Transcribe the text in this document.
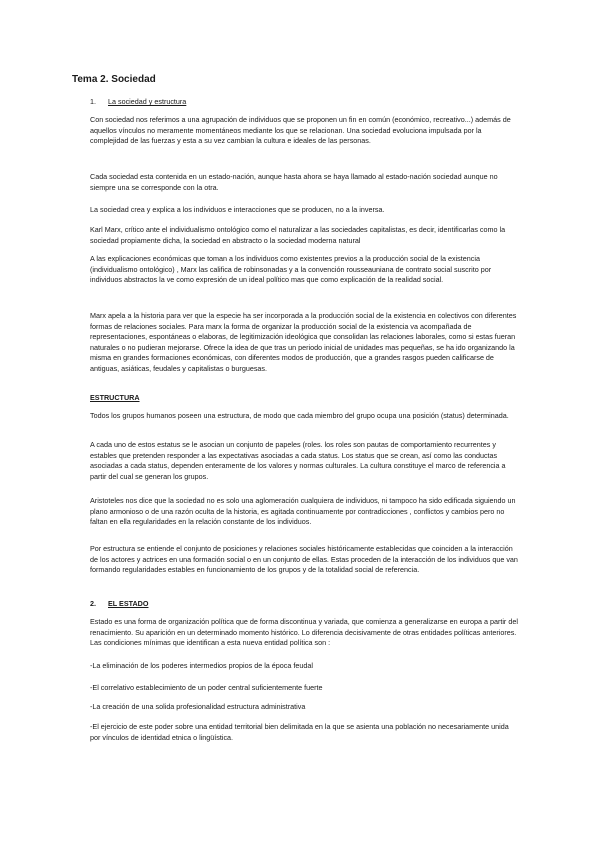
Tema 2. Sociedad
1. La sociedad y estructura

Con sociedad nos referimos a una agrupación de individuos que se proponen un fin en común (económico, recreativo...) además de aquellos vínculos no meramente momentáneos mediante los que se relacionan. Una sociedad evoluciona impulsada por la complejidad de las fuerzas y esta a su vez cambian la cultura e ideales de las personas.

Cada sociedad esta contenida en un estado-nación, aunque hasta ahora se haya llamado al estado-nación sociedad aunque no siempre una se corresponde con la otra.

La sociedad crea y explica a los individuos e interacciones que se producen, no a la inversa.

Karl Marx, crítico ante el individualismo ontológico como el naturalizar a las sociedades capitalistas, es decir, identificarlas como la sociedad propiamente dicha, la sociedad en abstracto o la sociedad moderna natural

A las explicaciones económicas que toman a los individuos como existentes previos a la producción social de la existencia (individualismo ontológico) , Marx las califica de robinsonadas y a la convención rousseauniana de contrato social suscrito por individuos abstractos la ve como expresión de un ideal político mas que como explicación de la realidad social.

Marx apela a la historia para ver que la especie ha ser incorporada a la producción social de la existencia en colectivos con diferentes formas de relaciones sociales. Para marx la forma de organizar la producción social de la existencia va acompañada de representaciones, espontáneas o elaboras, de legitimización ideológica que consolidan las relaciones laborales, como si estas fueran naturales o no pudieran mejorarse. Ofrece la idea de que tras un periodo inicial de unidades mas pequeñas, se ha ido organizando la misma en grandes formaciones económicas, con diferentes modos de producción, que a grandes rasgos pueden calificarse de antiguas, asiáticas, feudales y capitalistas o burguesas.

ESTRUCTURA

Todos los grupos humanos poseen una estructura, de modo que cada miembro del grupo ocupa una posición (status) determinada.

A cada uno de estos estatus se le asocian un conjunto de papeles (roles. los roles son pautas de comportamiento recurrentes y estables que pretenden responder a las expectativas asociadas a cada status. Los status que se crean, así como las conductas asociadas a cada status, dependen enteramente de los valores y normas culturales. La cultura constituye el marco de referencia a partir del cual se generan los grupos.

Aristoteles nos dice que la sociedad no es solo una aglomeración cualquiera de individuos, ni tampoco ha sido edificada siguiendo un plano armonioso o de una razón oculta de la historia, es agitada continuamente por contradicciones , conflictos y cambios pero no faltan en ella regularidades en la relación constante de los individuos.

Por estructura se entiende el conjunto de posiciones y relaciones sociales históricamente establecidas que coinciden a la interacción de los actores y actrices en una formación social o en un conjunto de ellas. Estas proceden de la interacción de los individuos que van formando regularidades estables en funcionamiento de los grupos y de la totalidad social de referencia.

2. EL ESTADO

Estado es una forma de organización política que de forma discontinua y variada, que comienza a generalizarse en europa a partir del renacimiento. Su aparición en un determinado momento histórico. Lo diferencia decisivamente de otras entidades políticas anteriores. Las condiciones mínimas que identifican a esta nueva entidad política son :

-La eliminación de los poderes intermedios propios de la época feudal

-El correlativo establecimiento de un poder central suficientemente fuerte

-La creación de una solida profesionalidad estructura administrativa

-El ejercicio de este poder sobre una entidad territorial bien delimitada en la que se asienta una población no necesariamente unida por vínculos de identidad etnica o lingüística.
